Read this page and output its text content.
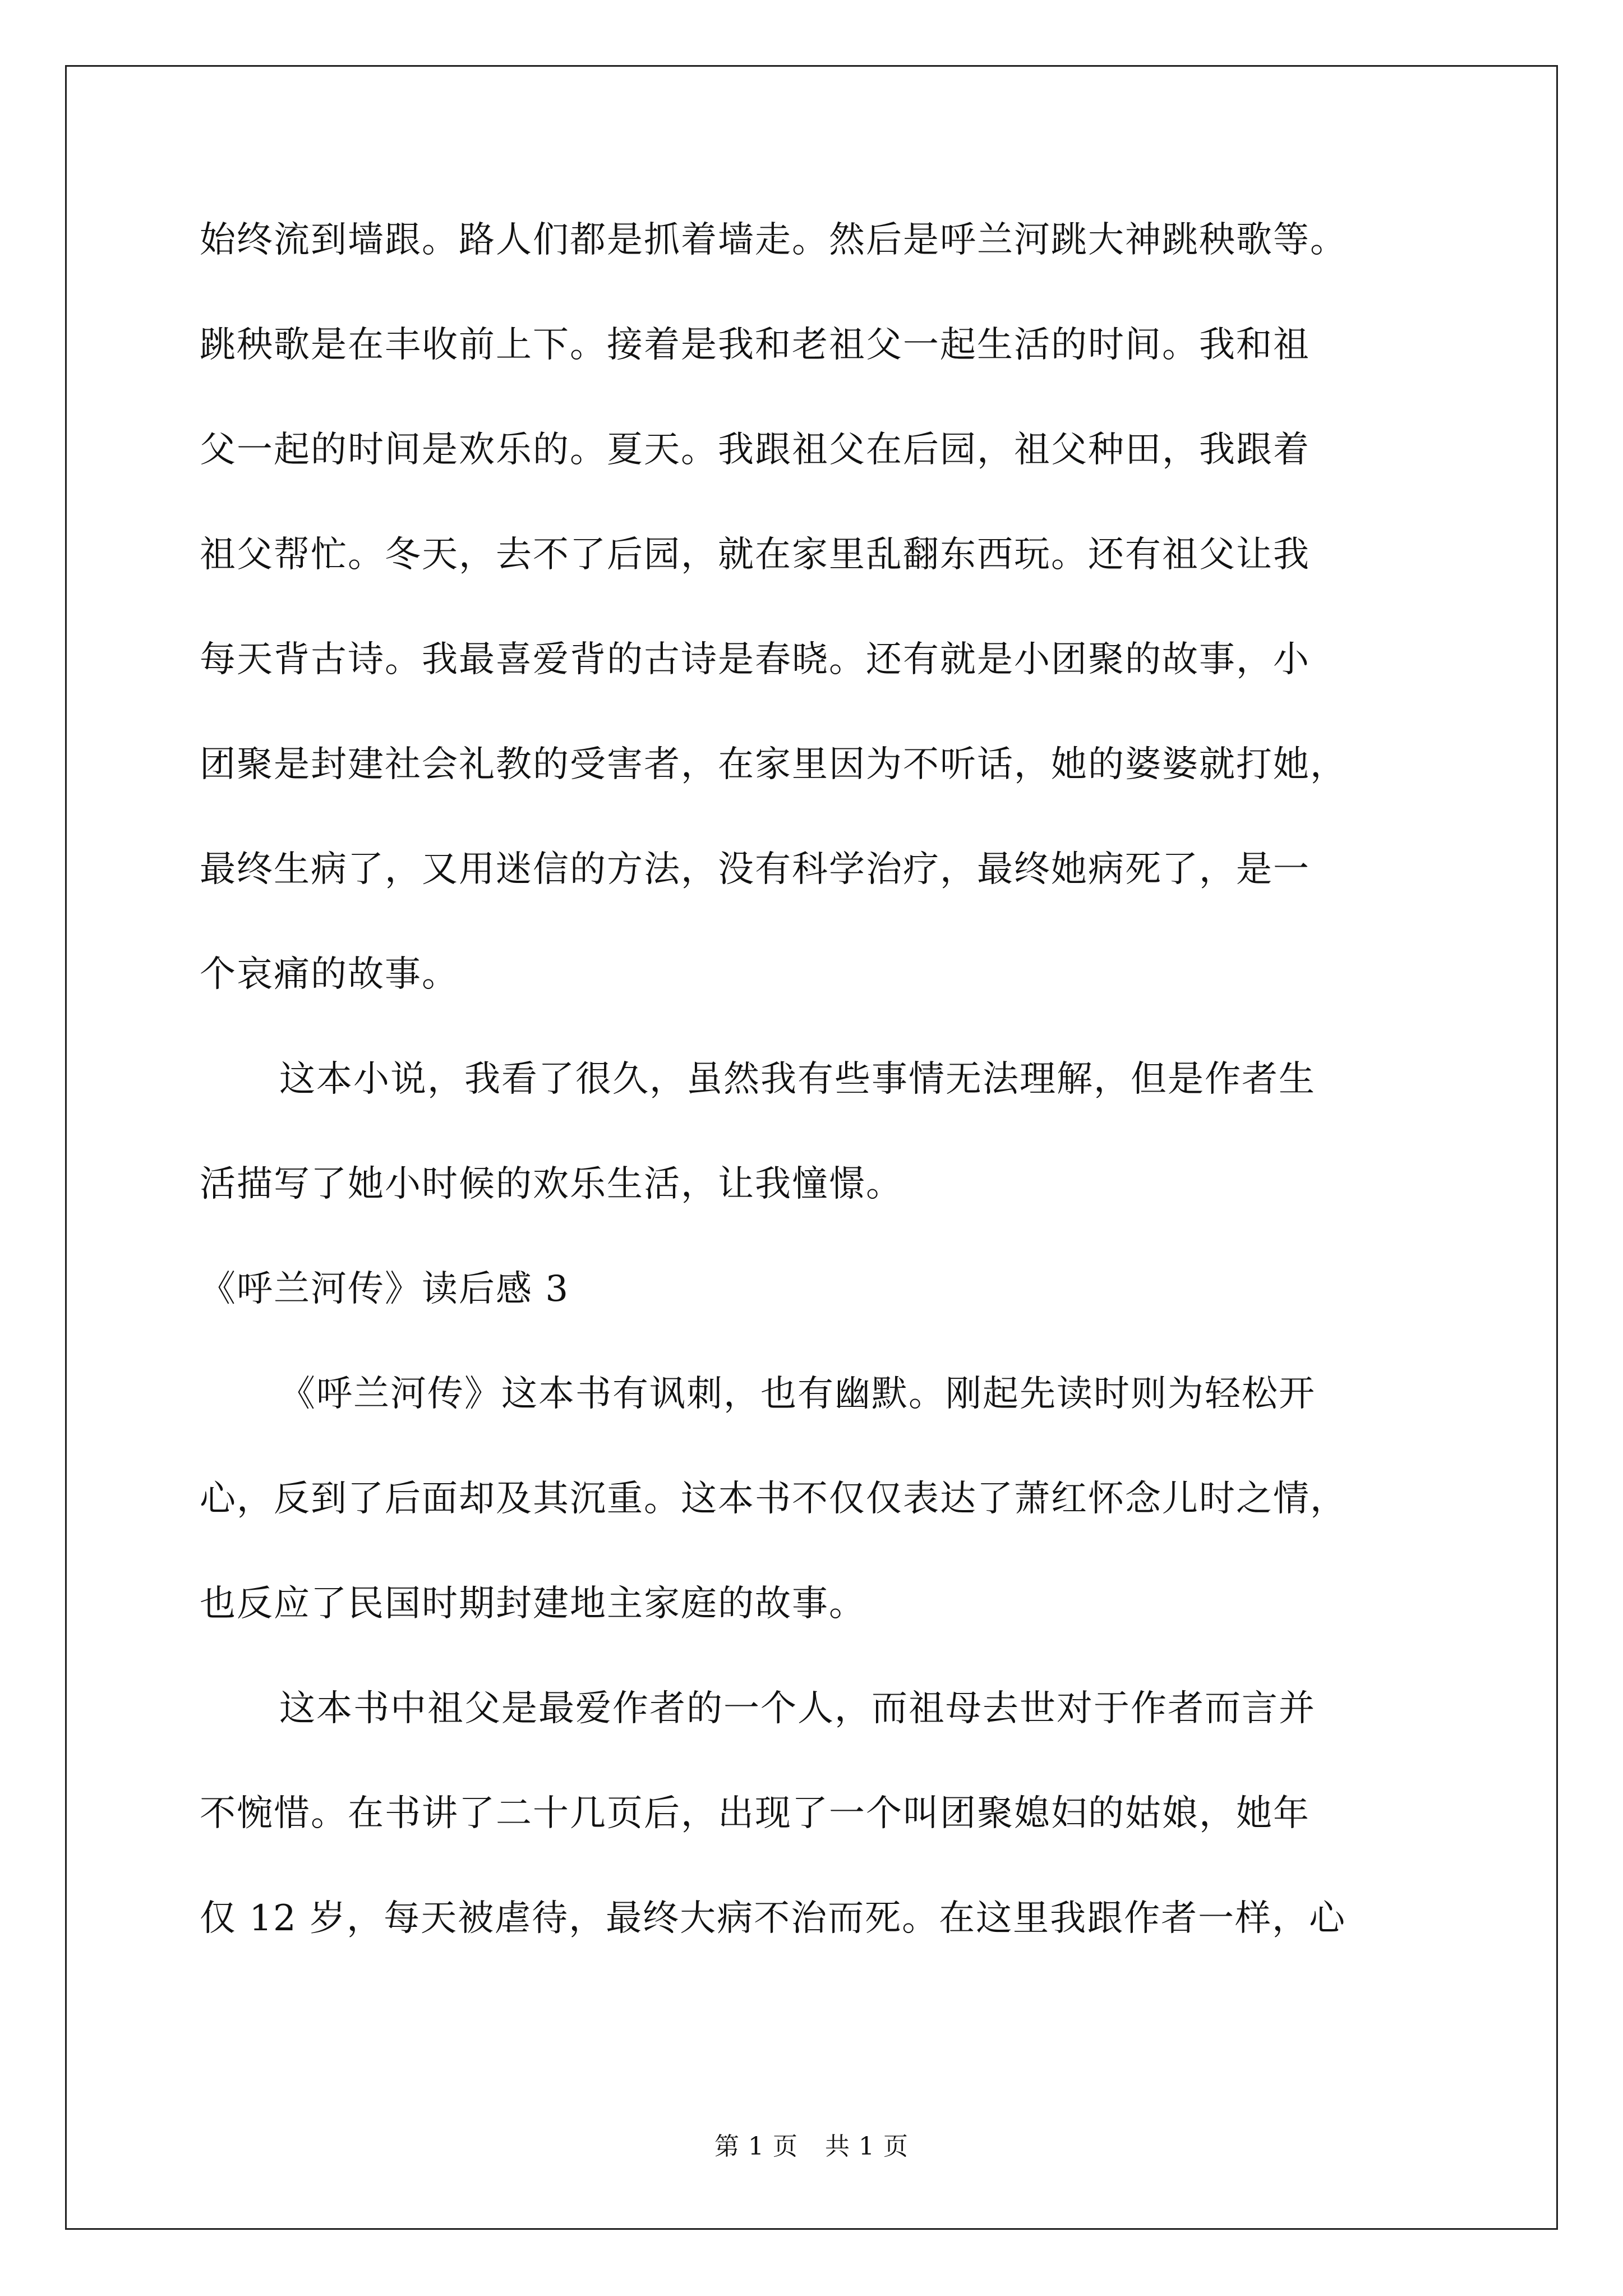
始终流到墙跟。路人们都是抓着墙走。然后是呼兰河跳大神跳秧歌等。
跳秧歌是在丰收前上下。接着是我和老祖父一起生活的时间。我和祖
父一起的时间是欢乐的。夏天。我跟祖父在后园，祖父种田，我跟着
祖父帮忙。冬天，去不了后园，就在家里乱翻东西玩。还有祖父让我
每天背古诗。我最喜爱背的古诗是春晓。还有就是小团聚的故事，小
团聚是封建社会礼教的受害者，在家里因为不听话，她的婆婆就打她，
最终生病了，又用迷信的方法，没有科学治疗，最终她病死了，是一
个哀痛的故事。
这本小说，我看了很久，虽然我有些事情无法理解，但是作者生
活描写了她小时候的欢乐生活，让我憧憬。
《呼兰河传》读后感 3
《呼兰河传》这本书有讽刺，也有幽默。刚起先读时则为轻松开
心，反到了后面却及其沉重。这本书不仅仅表达了萧红怀念儿时之情，
也反应了民国时期封建地主家庭的故事。
这本书中祖父是最爱作者的一个人，而祖母去世对于作者而言并
不惋惜。在书讲了二十几页后，出现了一个叫团聚媳妇的姑娘，她年
仅 12 岁，每天被虐待，最终大病不治而死。在这里我跟作者一样，心
第 1 页 共 1 页
